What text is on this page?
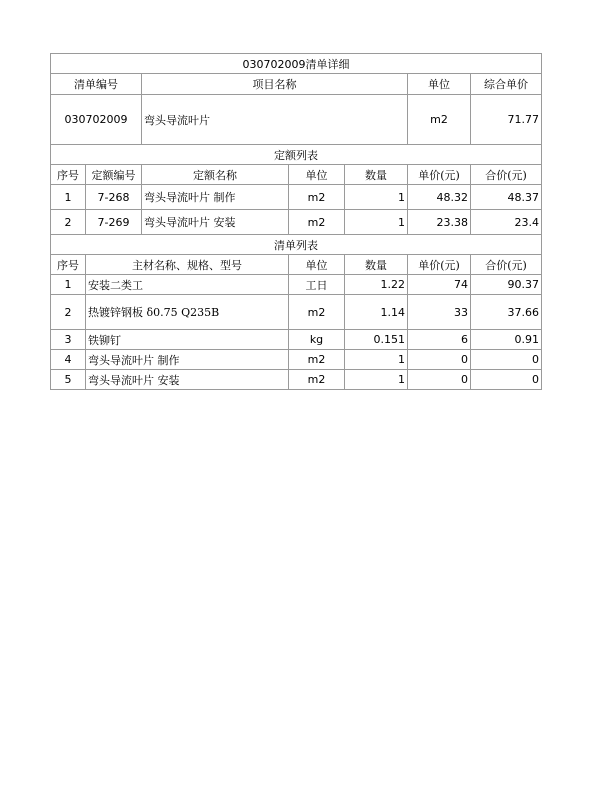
030702009清单详细						
清单编号		项目名称			单位	综合单价
030702009		弯头导流叶片			m2	71.77
定额列表						
序号	定额编号	定额名称	单位	数量	单价(元)	合价(元)
1	7-268	弯头导流叶片 制作	m2	1	48.32	48.37
2	7-269	弯头导流叶片 安装	m2	1	23.38	23.4
清单列表						
序号	主材名称、规格、型号		单位	数量	单价(元)	合价(元)
1	安装二类工		工日	1.22	74	90.37
2	热镀锌钢板 δ0.75 Q235B		m2	1.14	33	37.66
3	铁铆钉		kg	0.151	6	0.91
4	弯头导流叶片 制作		m2	1	0	0
5	弯头导流叶片 安装		m2	1	0	0
